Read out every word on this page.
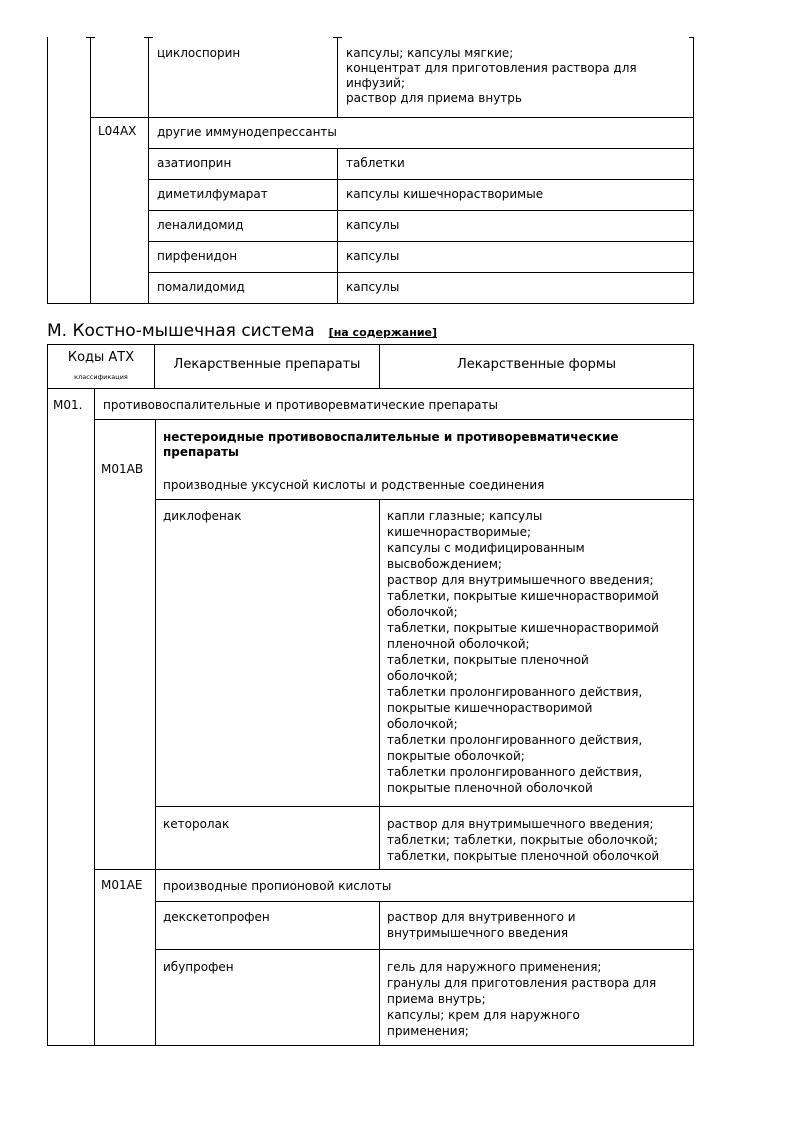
циклоспорин	капсулы; капсулы мягкие;
концентрат для приготовления раствора для
инфузий;
раствор для приема внутрь
L04AX другие иммунодепрессанты
азатиоприн	таблетки
диметилфумарат	капсулы кишечнорастворимые
леналидомид	капсулы
пирфенидон	капсулы
помалидомид	капсулы
M. Костно-мышечная система [на содержание]
Коды АТХ
классификация
Лекарственные препараты	Лекарственные формы
M01. противовоспалительные и противоревматические препараты
M01AB
нестероидные противовоспалительные и противоревматические
препараты
производные уксусной кислоты и родственные соединения
диклофенак	капли глазные; капсулы
кишечнорастворимые;
капсулы с модифицированным
высвобождением;
раствор для внутримышечного введения;
таблетки, покрытые кишечнорастворимой
оболочкой;
таблетки, покрытые кишечнорастворимой
пленочной оболочкой;
таблетки, покрытые пленочной
оболочкой;
таблетки пролонгированного действия,
покрытые кишечнорастворимой
оболочкой;
таблетки пролонгированного действия,
покрытые оболочкой;
таблетки пролонгированного действия,
покрытые пленочной оболочкой
кеторолак	раствор для внутримышечного введения;
таблетки; таблетки, покрытые оболочкой;
таблетки, покрытые пленочной оболочкой
M01AE производные пропионовой кислоты
декскетопрофен	раствор для внутривенного и
внутримышечного введения
ибупрофен	гель для наружного применения;
гранулы для приготовления раствора для
приема внутрь;
капсулы; крем для наружного
применения;
